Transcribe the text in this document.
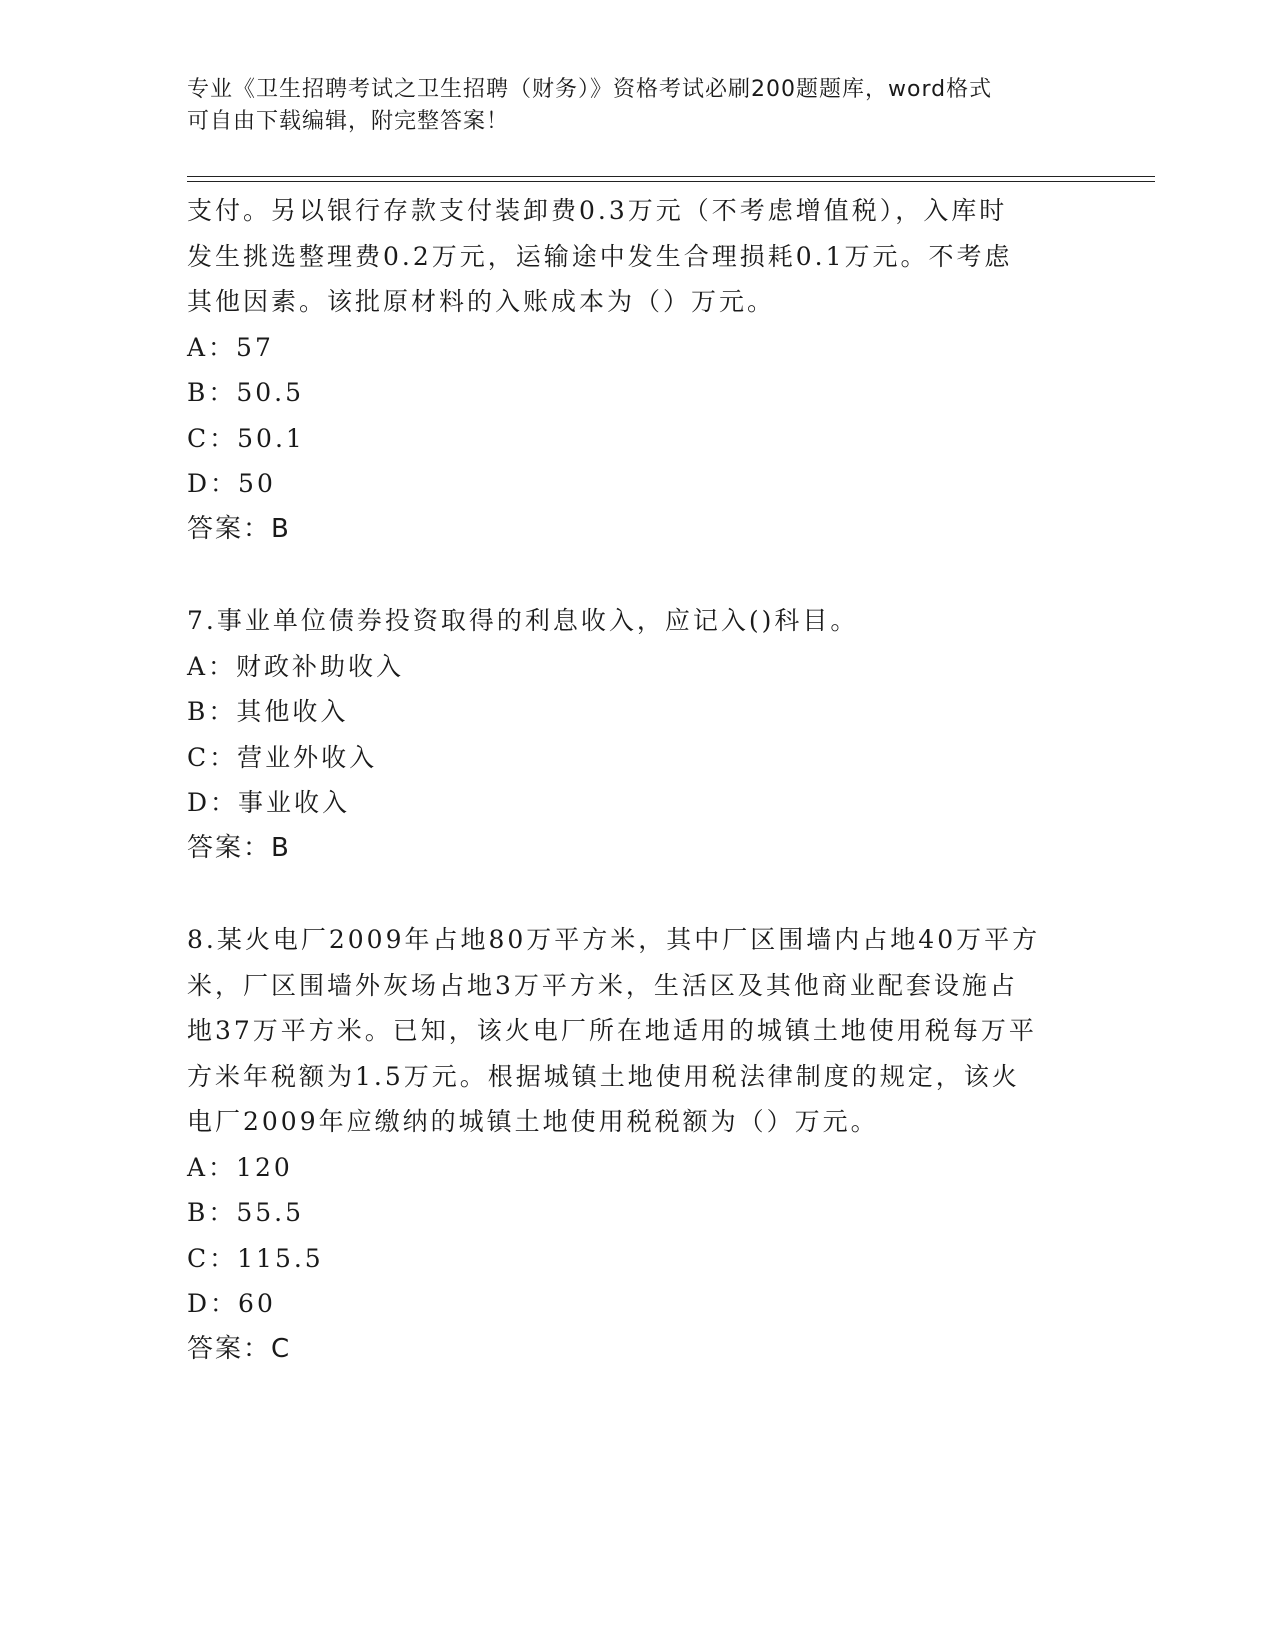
专业《卫生招聘考试之卫生招聘（财务）》资格考试必刷200题题库，word格式
可自由下载编辑，附完整答案！
支付。另以银行存款支付装卸费0.3万元（不考虑增值税），入库时
发生挑选整理费0.2万元，运输途中发生合理损耗0.1万元。不考虑
其他因素。该批原材料的入账成本为（）万元。
A：57
B：50.5
C：50.1
D：50
答案：B
7.事业单位债券投资取得的利息收入，应记入()科目。
A：财政补助收入
B：其他收入
C：营业外收入
D：事业收入
答案：B
8.某火电厂2009年占地80万平方米，其中厂区围墙内占地40万平方
米，厂区围墙外灰场占地3万平方米，生活区及其他商业配套设施占
地37万平方米。已知，该火电厂所在地适用的城镇土地使用税每万平
方米年税额为1.5万元。根据城镇土地使用税法律制度的规定，该火
电厂2009年应缴纳的城镇土地使用税税额为（）万元。
A：120
B：55.5
C：115.5
D：60
答案：C
